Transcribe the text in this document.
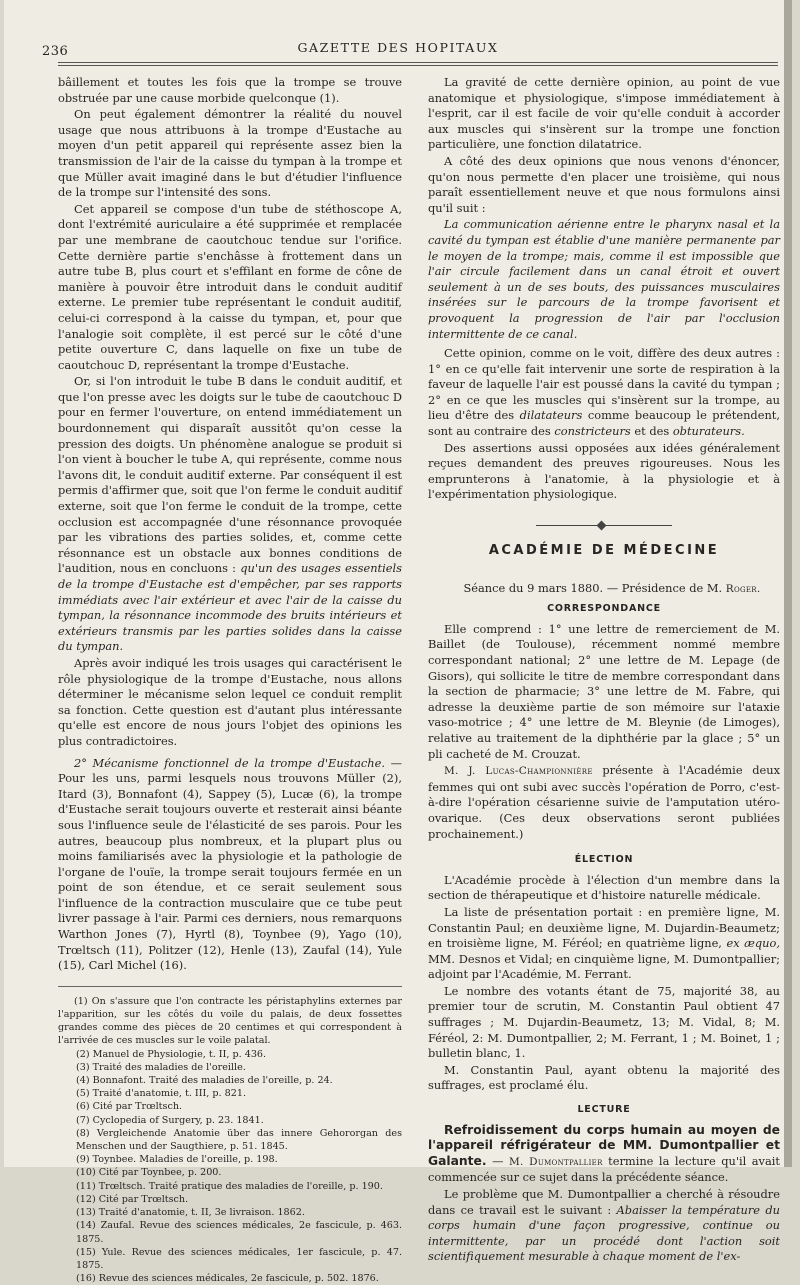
236	GAZETTE DES HOPITAUX

bâillement et toutes les fois que la trompe se trouve obstruée par une cause morbide quelconque (1).

On peut également démontrer la réalité du nouvel usage que nous attribuons à la trompe d'Eustache au moyen d'un petit appareil qui représente assez bien la transmission de l'air de la caisse du tympan à la trompe et que Müller avait imaginé dans le but d'étudier l'influence de la trompe sur l'intensité des sons.

Cet appareil se compose d'un tube de stéthoscope A, dont l'extrémité auriculaire a été supprimée et remplacée par une membrane de caoutchouc tendue sur l'orifice. Cette dernière partie s'enchâsse à frottement dans un autre tube B, plus court et s'effilant en forme de cône de manière à pouvoir être introduit dans le conduit auditif externe. Le premier tube représentant le conduit auditif, celui-ci correspond à la caisse du tympan, et, pour que l'analogie soit complète, il est percé sur le côté d'une petite ouverture C, dans laquelle on fixe un tube de caoutchouc D, représentant la trompe d'Eustache.

Or, si l'on introduit le tube B dans le conduit auditif, et que l'on presse avec les doigts sur le tube de caoutchouc D pour en fermer l'ouverture, on entend immédiatement un bourdonnement qui disparaît aussitôt qu'on cesse la pression des doigts. Un phénomène analogue se produit si l'on vient à boucher le tube A, qui représente, comme nous l'avons dit, le conduit auditif externe. Par conséquent il est permis d'affirmer que, soit que l'on ferme le conduit auditif externe, soit que l'on ferme le conduit de la trompe, cette occlusion est accompagnée d'une résonnance provoquée par les vibrations des parties solides, et, comme cette résonnance est un obstacle aux bonnes conditions de l'audition, nous en concluons : qu'un des usages essentiels de la trompe d'Eustache est d'empêcher, par ses rapports immédiats avec l'air extérieur et avec l'air de la caisse du tympan, la résonnance incommode des bruits intérieurs et extérieurs transmis par les parties solides dans la caisse du tympan.

Après avoir indiqué les trois usages qui caractérisent le rôle physiologique de la trompe d'Eustache, nous allons déterminer le mécanisme selon lequel ce conduit remplit sa fonction. Cette question est d'autant plus intéressante qu'elle est encore de nous jours l'objet des opinions les plus contradictoires.

2° Mécanisme fonctionnel de la trompe d'Eustache. — Pour les uns, parmi lesquels nous trouvons Müller (2), Itard (3), Bonnafont (4), Sappey (5), Lucæ (6), la trompe d'Eustache serait toujours ouverte et resterait ainsi béante sous l'influence seule de l'élasticité de ses parois. Pour les autres, beaucoup plus nombreux, et la plupart plus ou moins familiarisés avec la physiologie et la pathologie de l'organe de l'ouïe, la trompe serait toujours fermée en un point de son étendue, et ce serait seulement sous l'influence de la contraction musculaire que ce tube peut livrer passage à l'air. Parmi ces derniers, nous remarquons Warthon Jones (7), Hyrtl (8), Toynbee (9), Yago (10), Trœltsch (11), Politzer (12), Henle (13), Zaufal (14), Yule (15), Carl Michel (16).

(1) On s'assure que l'on contracte les péristaphylins externes par l'apparition, sur les côtés du voile du palais, de deux fossettes grandes comme des pièces de 20 centimes et qui correspondent à l'arrivée de ces muscles sur le voile palatal.
(2) Manuel de Physiologie, t. II, p. 436.
(3) Traité des maladies de l'oreille.
(4) Bonnafont. Traité des maladies de l'oreille, p. 24.
(5) Traité d'anatomie, t. III, p. 821.
(6) Cité par Trœltsch.
(7) Cyclopedia of Surgery, p. 23. 1841.
(8) Vergleichende Anatomie über das innere Gehororgan des Menschen und der Saugthiere, p. 51. 1845.
(9) Toynbee. Maladies de l'oreille, p. 198.
(10) Cité par Toynbee, p. 200.
(11) Trœltsch. Traité pratique des maladies de l'oreille, p. 190.
(12) Cité par Trœltsch.
(13) Traité d'anatomie, t. II, 3e livraison. 1862.
(14) Zaufal. Revue des sciences médicales, 2e fascicule, p. 463. 1875.
(15) Yule. Revue des sciences médicales, 1er fascicule, p. 47. 1875.
(16) Revue des sciences médicales, 2e fascicule, p. 502. 1876.

La gravité de cette dernière opinion, au point de vue anatomique et physiologique, s'impose immédiatement à l'esprit, car il est facile de voir qu'elle conduit à accorder aux muscles qui s'insèrent sur la trompe une fonction particulière, une fonction dilatatrice.

A côté des deux opinions que nous venons d'énoncer, qu'on nous permette d'en placer une troisième, qui nous paraît essentiellement neuve et que nous formulons ainsi qu'il suit :

La communication aérienne entre le pharynx nasal et la cavité du tympan est établie d'une manière permanente par le moyen de la trompe; mais, comme il est impossible que l'air circule facilement dans un canal étroit et ouvert seulement à un de ses bouts, des puissances musculaires insérées sur le parcours de la trompe favorisent et provoquent la progression de l'air par l'occlusion intermittente de ce canal.

Cette opinion, comme on le voit, diffère des deux autres : 1° en ce qu'elle fait intervenir une sorte de respiration à la faveur de laquelle l'air est poussé dans la cavité du tympan ; 2° en ce que les muscles qui s'insèrent sur la trompe, au lieu d'être des dilatateurs comme beaucoup le prétendent, sont au contraire des constricteurs et des obturateurs.

Des assertions aussi opposées aux idées généralement reçues demandent des preuves rigoureuses. Nous les emprunterons à l'anatomie, à la physiologie et à l'expérimentation physiologique.

ACADÉMIE DE MÉDECINE

Séance du 9 mars 1880. — Présidence de M. Roger.

CORRESPONDANCE

Elle comprend : 1° une lettre de remerciement de M. Baillet (de Toulouse), récemment nommé membre correspondant national; 2° une lettre de M. Lepage (de Gisors), qui sollicite le titre de membre correspondant dans la section de pharmacie; 3° une lettre de M. Fabre, qui adresse la deuxième partie de son mémoire sur l'ataxie vaso-motrice ; 4° une lettre de M. Bleynie (de Limoges), relative au traitement de la diphthérie par la glace ; 5° un pli cacheté de M. Crouzat.

M. J. Lucas-Championnière présente à l'Académie deux femmes qui ont subi avec succès l'opération de Porro, c'est-à-dire l'opération césarienne suivie de l'amputation utéro-ovarique. (Ces deux observations seront publiées prochainement.)

ÉLECTION

L'Académie procède à l'élection d'un membre dans la section de thérapeutique et d'histoire naturelle médicale.

La liste de présentation portait : en première ligne, M. Constantin Paul; en deuxième ligne, M. Dujardin-Beaumetz; en troisième ligne, M. Féréol; en quatrième ligne, ex æquo, MM. Desnos et Vidal; en cinquième ligne, M. Dumontpallier; adjoint par l'Académie, M. Ferrant.

Le nombre des votants étant de 75, majorité 38, au premier tour de scrutin, M. Constantin Paul obtient 47 suffrages ; M. Dujardin-Beaumetz, 13; M. Vidal, 8; M. Féréol, 2: M. Dumontpallier, 2; M. Ferrant, 1 ; M. Boinet, 1 ; bulletin blanc, 1.

M. Constantin Paul, ayant obtenu la majorité des suffrages, est proclamé élu.

LECTURE

Refroidissement du corps humain au moyen de l'appareil réfrigérateur de MM. Dumontpallier et Galante. — M. Dumontpallier termine la lecture qu'il avait commencée sur ce sujet dans la précédente séance.

Le problème que M. Dumontpallier a cherché à résoudre dans ce travail est le suivant : Abaisser la température du corps humain d'une façon progressive, continue ou intermittente, par un procédé dont l'action soit scientifiquement mesurable à chaque moment de l'ex-
